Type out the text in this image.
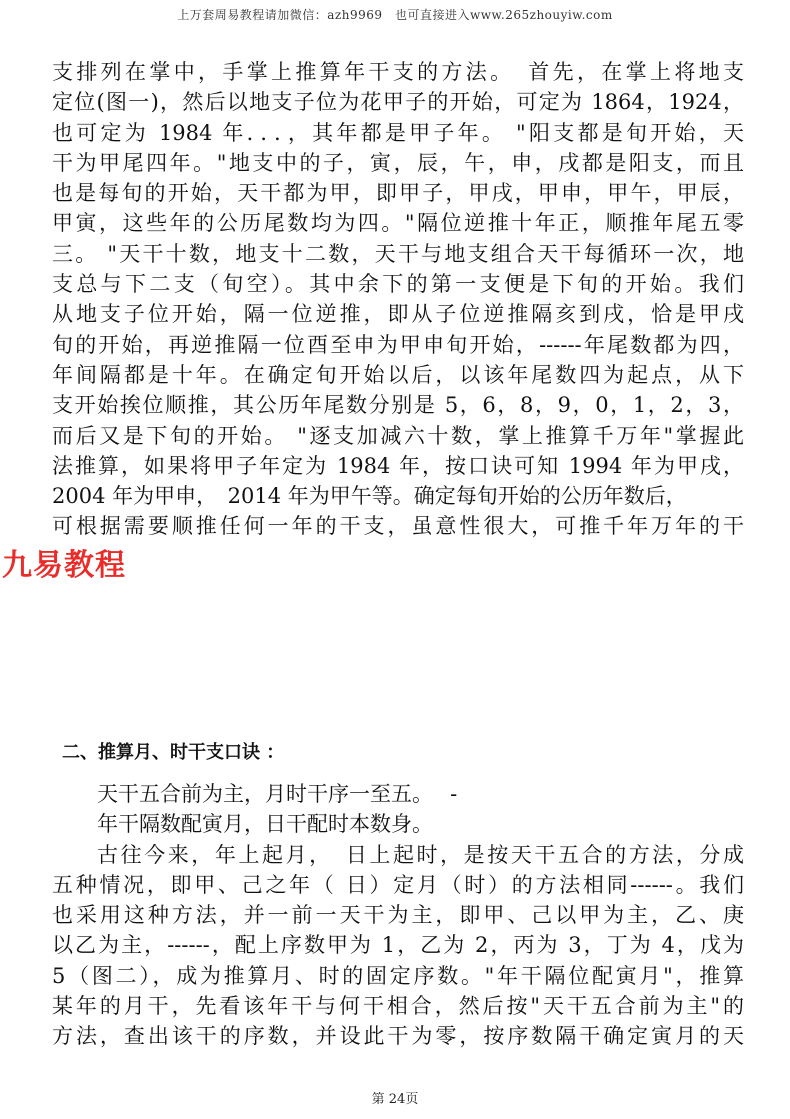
上万套周易教程请加微信：azh9969　也可直接进入www.265zhouyiw.com
支排列在掌中，手掌上推算年干支的方法。　首先，在掌上将地支
定位(图一)，然后以地支子位为花甲子的开始，可定为 1864，1924，
也可定为 1984 年．．．，其年都是甲子年。 "阳支都是旬开始，天
干为甲尾四年。"地支中的子，寅，辰，午，申，戌都是阳支，而且
也是每旬的开始，天干都为甲，即甲子，甲戌，甲申，甲午，甲辰，
甲寅，这些年的公历尾数均为四。"隔位逆推十年正，顺推年尾五零
三。 "天干十数，地支十二数，天干与地支组合天干每循环一次，地
支总与下二支（旬空）。其中余下的第一支便是下旬的开始。我们
从地支子位开始，隔一位逆推，即从子位逆推隔亥到戌，恰是甲戌
旬的开始，再逆推隔一位酉至申为甲申旬开始，------年尾数都为四，
年间隔都是十年。在确定旬开始以后，以该年尾数四为起点，从下
支开始挨位顺推，其公历年尾数分别是 5，6，8，9，0，1，2，3，
而后又是下旬的开始。 "逐支加减六十数，掌上推算千万年"掌握此
法推算，如果将甲子年定为 1984 年，按口诀可知 1994 年为甲戌，
2004 年为甲申，　2014 年为甲午等。确定每旬开始的公历年数后，
可根据需要顺推任何一年的干支，虽意性很大，可推千年万年的干
九易教程
二、推算月、时干支口诀 ：
天干五合前为主，月时干序一至五。　 -
年干隔数配寅月，日干配时本数身。
古往今来，年上起月，　日上起时，是按天干五合的方法，分成
五种情况，即甲、己之年（ 日）定月（时）的方法相同------。我们
也采用这种方法，并一前一天干为主，即甲、己以甲为主，乙、庚
以乙为主，------，配上序数甲为 1，乙为 2，丙为 3，丁为 4，戊为
5（图二），成为推算月、时的固定序数。"年干隔位配寅月"，推算
某年的月干，先看该年干与何干相合，然后按"天干五合前为主"的
方法，查出该干的序数，并设此干为零，按序数隔干确定寅月的天
第 24页
